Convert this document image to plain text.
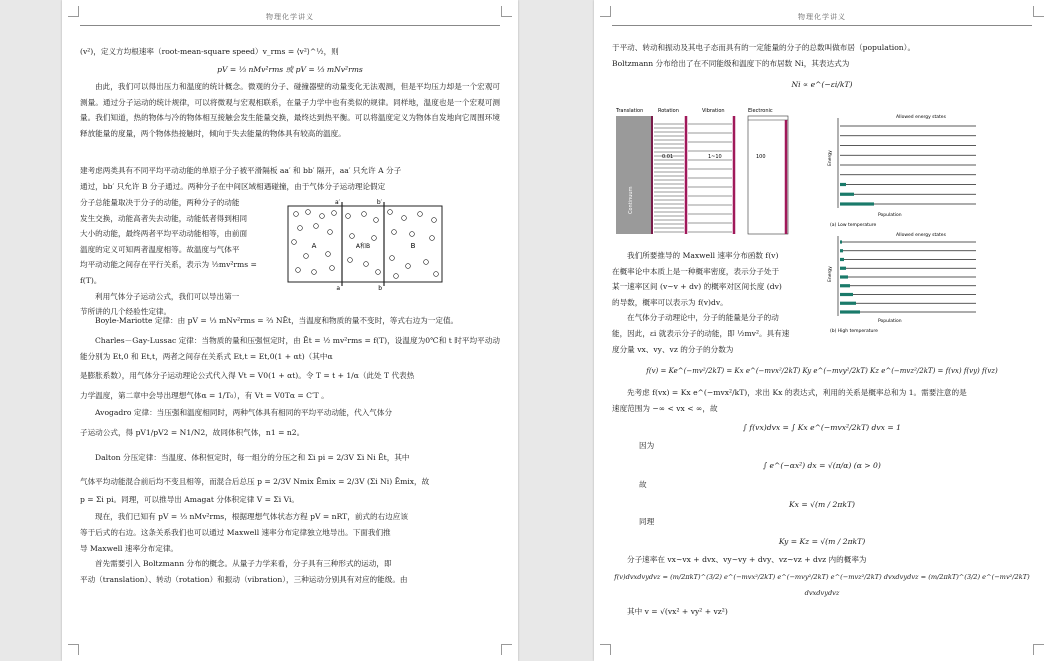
物理化学讲义

(v²)，定义方均根速率（root-mean-square speed）v_rms = ⟨v²⟩^½，则

pV = ⅓ nMv²rms 或 pV = ⅓ mNv²rms

由此，我们可以得出压力和温度的统计概念。微观的分子、碰撞器壁的动量变化无法观测，但是平均压力却是一个宏观可测量。通过分子运动的统计规律，可以将微观与宏观相联系，在量子力学中也有类似的规律。同样地，温度也是一个宏观可测量。我们知道，热的物体与冷的物体相互接触会发生能量交换，最终达到热平衡。可以将温度定义为物体自发地向它周围环境释放能量的度量，两个物体热接触时，倾向于失去能量的物体具有较高的温度。

建考虑两类具有不同平均平动动能的单原子分子被平滑隔板 aa′ 和 bb′ 隔开，aa′ 只允许 A 分子

通过，bb′ 只允许 B 分子通过。两种分子在中间区域相遇碰撞，由于气体分子运动理论假定

分子总能量取决于分子的动能，两种分子的动能

发生交换，动能高者失去动能，动能低者得到相同

大小的动能，最终两者平均平动动能相等，由前面

温度的定义可知两者温度相等。故温度与气体平

均平动动能之间存在平行关系，表示为 ½mv²rms =

f(T)。

利用气体分子运动公式，我们可以导出第一

节所讲的几个经验性定律。

a′	b′
a	b
A	A和B	B

Boyle-Mariotte 定律：由 pV = ⅓ mNv²rms = ⅔ NĒt，当温度和物质的量不变时，等式右边为一定值。

Charles－Gay-Lussac 定律：当物质的量和压强恒定时，由 Ēt = ½ mv²rms = f(T)，设温度为0℃和 t 时平均平动动能分别为 Et,0 和 Et,t，两者之间存在关系式 Et,t = Et,0(1 + αt)（其中α

是膨胀系数），用气体分子运动理论公式代入得 Vt = V0(1 + αt)。令 T = t + 1/α（此处 T 代表热

力学温度，第二章中会导出理想气体α = 1/T₀），有 Vt = V0Tα = C′T 。

Avogadro 定律：当压强和温度相同时，两种气体具有相同的平均平动动能，代入气体分

子运动公式，得 pV1/pV2 = N1/N2，故同体积气体，n1 = n2。

Dalton 分压定律：当温度、体积恒定时，每一组分的分压之和 Σi pi = 2/3V Σi Ni Ēt，其中

气体平均动能混合前后均不变且相等，而混合后总压 p = 2/3V Nmix Ēmix = 2/3V (Σi Ni) Ēmix，故

p = Σi pi。同理，可以推导出 Amagat 分体积定律 V = Σi Vi。

现在，我们已知有 pV = ⅓ nMv²rms，根据理想气体状态方程 pV = nRT，前式的右边应该

等于后式的右边。这条关系我们也可以通过 Maxwell 速率分布定律独立地导出。下面我们推

导 Maxwell 速率分布定律。

首先需要引入 Boltzmann 分布的概念。从量子力学来看，分子具有三种形式的运动，即

平动（translation）、转动（rotation）和振动（vibration），三种运动分别具有对应的能级。由

物理化学讲义

于平动、转动和振动及其电子态而具有的一定能量的分子的总数叫做布居（population）。

Boltzmann 分布给出了在不同能级和温度下的布居数 Ni，其表达式为

Ni ∝ e^(−εi/kT)

Translation	Rotation	Vibration	Electronic
Continuum
0.01	1~10	100
Allowed energy states
Energy
Population
(a) Low temperature
Allowed energy states
Energy
Population
(b) High temperature

我们所要推导的 Maxwell 速率分布函数 f(v)

在概率论中本质上是一种概率密度，表示分子处于

某一速率区间 (v~v + dv) 的概率对区间长度 (dv)

的导数，概率可以表示为 f(v)dv。

在气体分子动理论中，分子的能量是分子的动

能，因此，εi 就表示分子的动能，即 ½mv²。具有速

度分量 vx、vy、vz 的分子的分数为

f(v) = Ke^(−mv²/2kT) = Kx e^(−mvx²/2kT) Ky e^(−mvy²/2kT) Kz e^(−mvz²/2kT) = f(vx) f(vy) f(vz)

先考虑 f(vx) = Kx e^(−mvx²/kT)，求出 Kx 的表达式，利用的关系是概率总和为 1。需要注意的是

速度范围为 −∞ < vx < ∞，故

∫ f(vx)dvx = ∫ Kx e^(−mvx²/2kT) dvx = 1

因为

∫ e^(−αx²) dx = √(π/α) (α > 0)

故

Kx = √(m / 2πkT)

同理

Ky = Kz = √(m / 2πkT)

分子速率在 vx~vx + dvx、vy~vy + dvy、vz~vz + dvz 内的概率为

f(v)dvxdvydvz = (m/2πkT)^(3/2) e^(−mvx²/2kT) e^(−mvy²/2kT) e^(−mvz²/2kT) dvxdvydvz = (m/2πkT)^(3/2) e^(−mv²/2kT) dvxdvydvz

其中 v = √(vx² + vy² + vz²)
